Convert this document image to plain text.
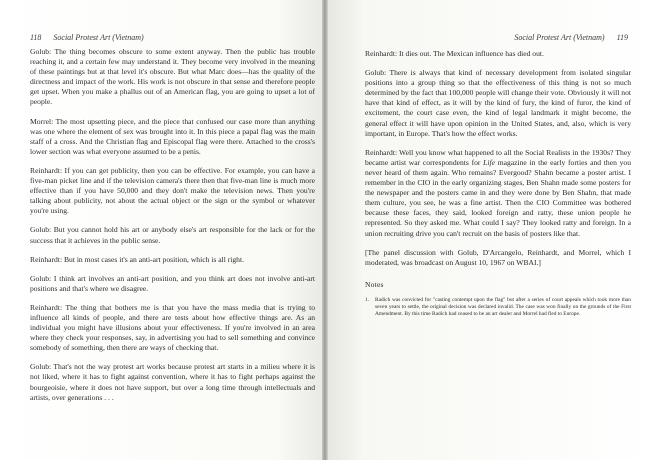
118 Social Protest Art (Vietnam)

Golub: The thing becomes obscure to some extent anyway. Then the public has trouble reaching it, and a certain few may understand it. They become very involved in the meaning of these paintings but at that level it's obscure. But what Marc does—has the quality of the directness and impact of the work. His work is not obscure in that sense and therefore people get upset. When you make a phallus out of an American flag, you are going to upset a lot of people.

Morrel: The most upsetting piece, and the piece that confused our case more than anything was one where the element of sex was brought into it. In this piece a papal flag was the main staff of a cross. And the Christian flag and Episcopal flag were there. Attached to the cross's lower section was what everyone assumed to be a penis.

Reinhardt: If you can get publicity, then you can be effective. For example, you can have a five-man picket line and if the television camera's there then that five-man line is much more effective than if you have 50,000 and they don't make the television news. Then you're talking about publicity, not about the actual object or the sign or the symbol or whatever you're using.

Golub: But you cannot hold his art or anybody else's art responsible for the lack or for the success that it achieves in the public sense.

Reinhardt: But in most cases it's an anti-art position, which is all right.

Golub: I think art involves an anti-art position, and you think art does not involve anti-art positions and that's where we disagree.

Reinhardt: The thing that bothers me is that you have the mass media that is trying to influence all kinds of people, and there are tests about how effective things are. As an individual you might have illusions about your effectiveness. If you're involved in an area where they check your responses, say, in advertising you had to sell something and convince somebody of something, then there are ways of checking that.

Golub: That's not the way protest art works because protest art starts in a milieu where it is not liked, where it has to fight against convention, where it has to fight perhaps against the bourgeoisie, where it does not have support, but over a long time through intellectuals and artists, over generations . . .

Social Protest Art (Vietnam) 119

Reinhardt: It dies out. The Mexican influence has died out.

Golub: There is always that kind of necessary development from isolated singular positions into a group thing so that the effectiveness of this thing is not so much determined by the fact that 100,000 people will change their vote. Obviously it will not have that kind of effect, as it will by the kind of fury, the kind of furor, the kind of excitement, the court case even, the kind of legal landmark it might become, the general effect it will have upon opinion in the United States, and, also, which is very important, in Europe. That's how the effect works.

Reinhardt: Well you know what happened to all the Social Realists in the 1930s? They became artist war correspondents for Life magazine in the early forties and then you never heard of them again. Who remains? Evergood? Shahn became a poster artist. I remember in the CIO in the early organizing stages, Ben Shahn made some posters for the newspaper and the posters came in and they were done by Ben Shahn, that made them culture, you see, he was a fine artist. Then the CIO Committee was bothered because these faces, they said, looked foreign and ratty, these union people he represented. So they asked me. What could I say? They looked ratty and foreign. In a union recruiting drive you can't recruit on the basis of posters like that.

[The panel discussion with Golub, D'Arcangelo, Reinhardt, and Morrel, which I moderated, was broadcast on August 10, 1967 on WBAI.]

Notes
1.	Radich was convicted for "casting contempt upon the flag" but after a series of court appeals which took more than seven years to settle, the original decision was declared invalid. The case was won finally on the grounds of the First Amendment. By this time Radich had ceased to be an art dealer and Morrel had fled to Europe.
